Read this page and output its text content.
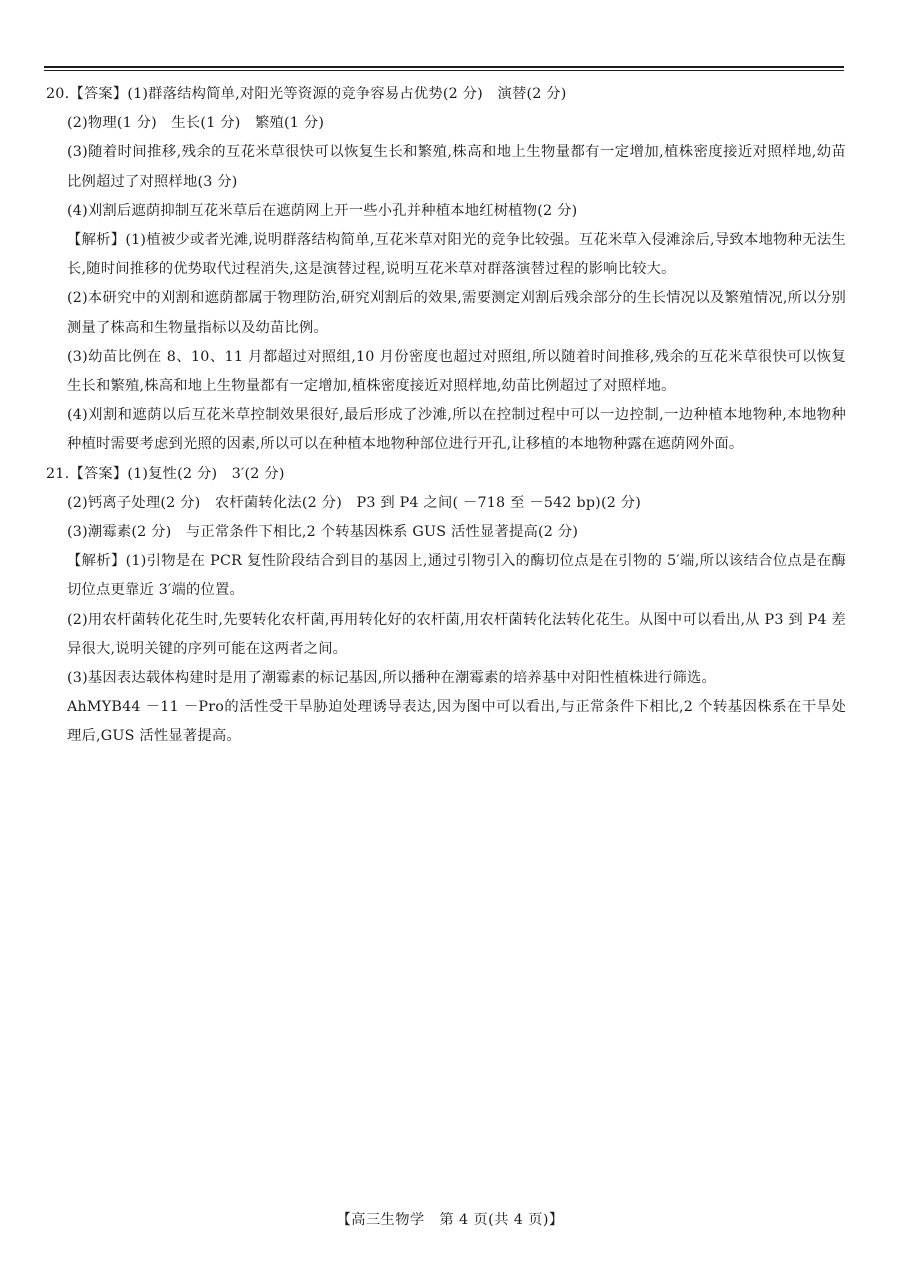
20.【答案】(1)群落结构简单,对阳光等资源的竞争容易占优势(2 分)　演替(2 分)
(2)物理(1 分)　生长(1 分)　繁殖(1 分)
(3)随着时间推移,残余的互花米草很快可以恢复生长和繁殖,株高和地上生物量都有一定增加,植株密度接近对照样地,幼苗比例超过了对照样地(3 分)
(4)刈割后遮荫抑制互花米草后在遮荫网上开一些小孔并种植本地红树植物(2 分)
【解析】(1)植被少或者光滩,说明群落结构简单,互花米草对阳光的竞争比较强。互花米草入侵滩涂后,导致本地物种无法生长,随时间推移的优势取代过程消失,这是演替过程,说明互花米草对群落演替过程的影响比较大。
(2)本研究中的刈割和遮荫都属于物理防治,研究刈割后的效果,需要测定刈割后残余部分的生长情况以及繁殖情况,所以分别测量了株高和生物量指标以及幼苗比例。
(3)幼苗比例在 8、10、11 月都超过对照组,10 月份密度也超过对照组,所以随着时间推移,残余的互花米草很快可以恢复生长和繁殖,株高和地上生物量都有一定增加,植株密度接近对照样地,幼苗比例超过了对照样地。
(4)刈割和遮荫以后互花米草控制效果很好,最后形成了沙滩,所以在控制过程中可以一边控制,一边种植本地物种,本地物种种植时需要考虑到光照的因素,所以可以在种植本地物种部位进行开孔,让移植的本地物种露在遮荫网外面。
21.【答案】(1)复性(2 分)　3′(2 分)
(2)钙离子处理(2 分)　农杆菌转化法(2 分)　P3 到 P4 之间( －718 至 －542 bp)(2 分)
(3)潮霉素(2 分)　与正常条件下相比,2 个转基因株系 GUS 活性显著提高(2 分)
【解析】(1)引物是在 PCR 复性阶段结合到目的基因上,通过引物引入的酶切位点是在引物的 5′端,所以该结合位点是在酶切位点更靠近 3′端的位置。
(2)用农杆菌转化花生时,先要转化农杆菌,再用转化好的农杆菌,用农杆菌转化法转化花生。从图中可以看出,从 P3 到 P4 差异很大,说明关键的序列可能在这两者之间。
(3)基因表达载体构建时是用了潮霉素的标记基因,所以播种在潮霉素的培养基中对阳性植株进行筛选。
AhMYB44 －11 －Pro的活性受干旱胁迫处理诱导表达,因为图中可以看出,与正常条件下相比,2 个转基因株系在干旱处理后,GUS 活性显著提高。
【高三生物学　第 4 页(共 4 页)】
